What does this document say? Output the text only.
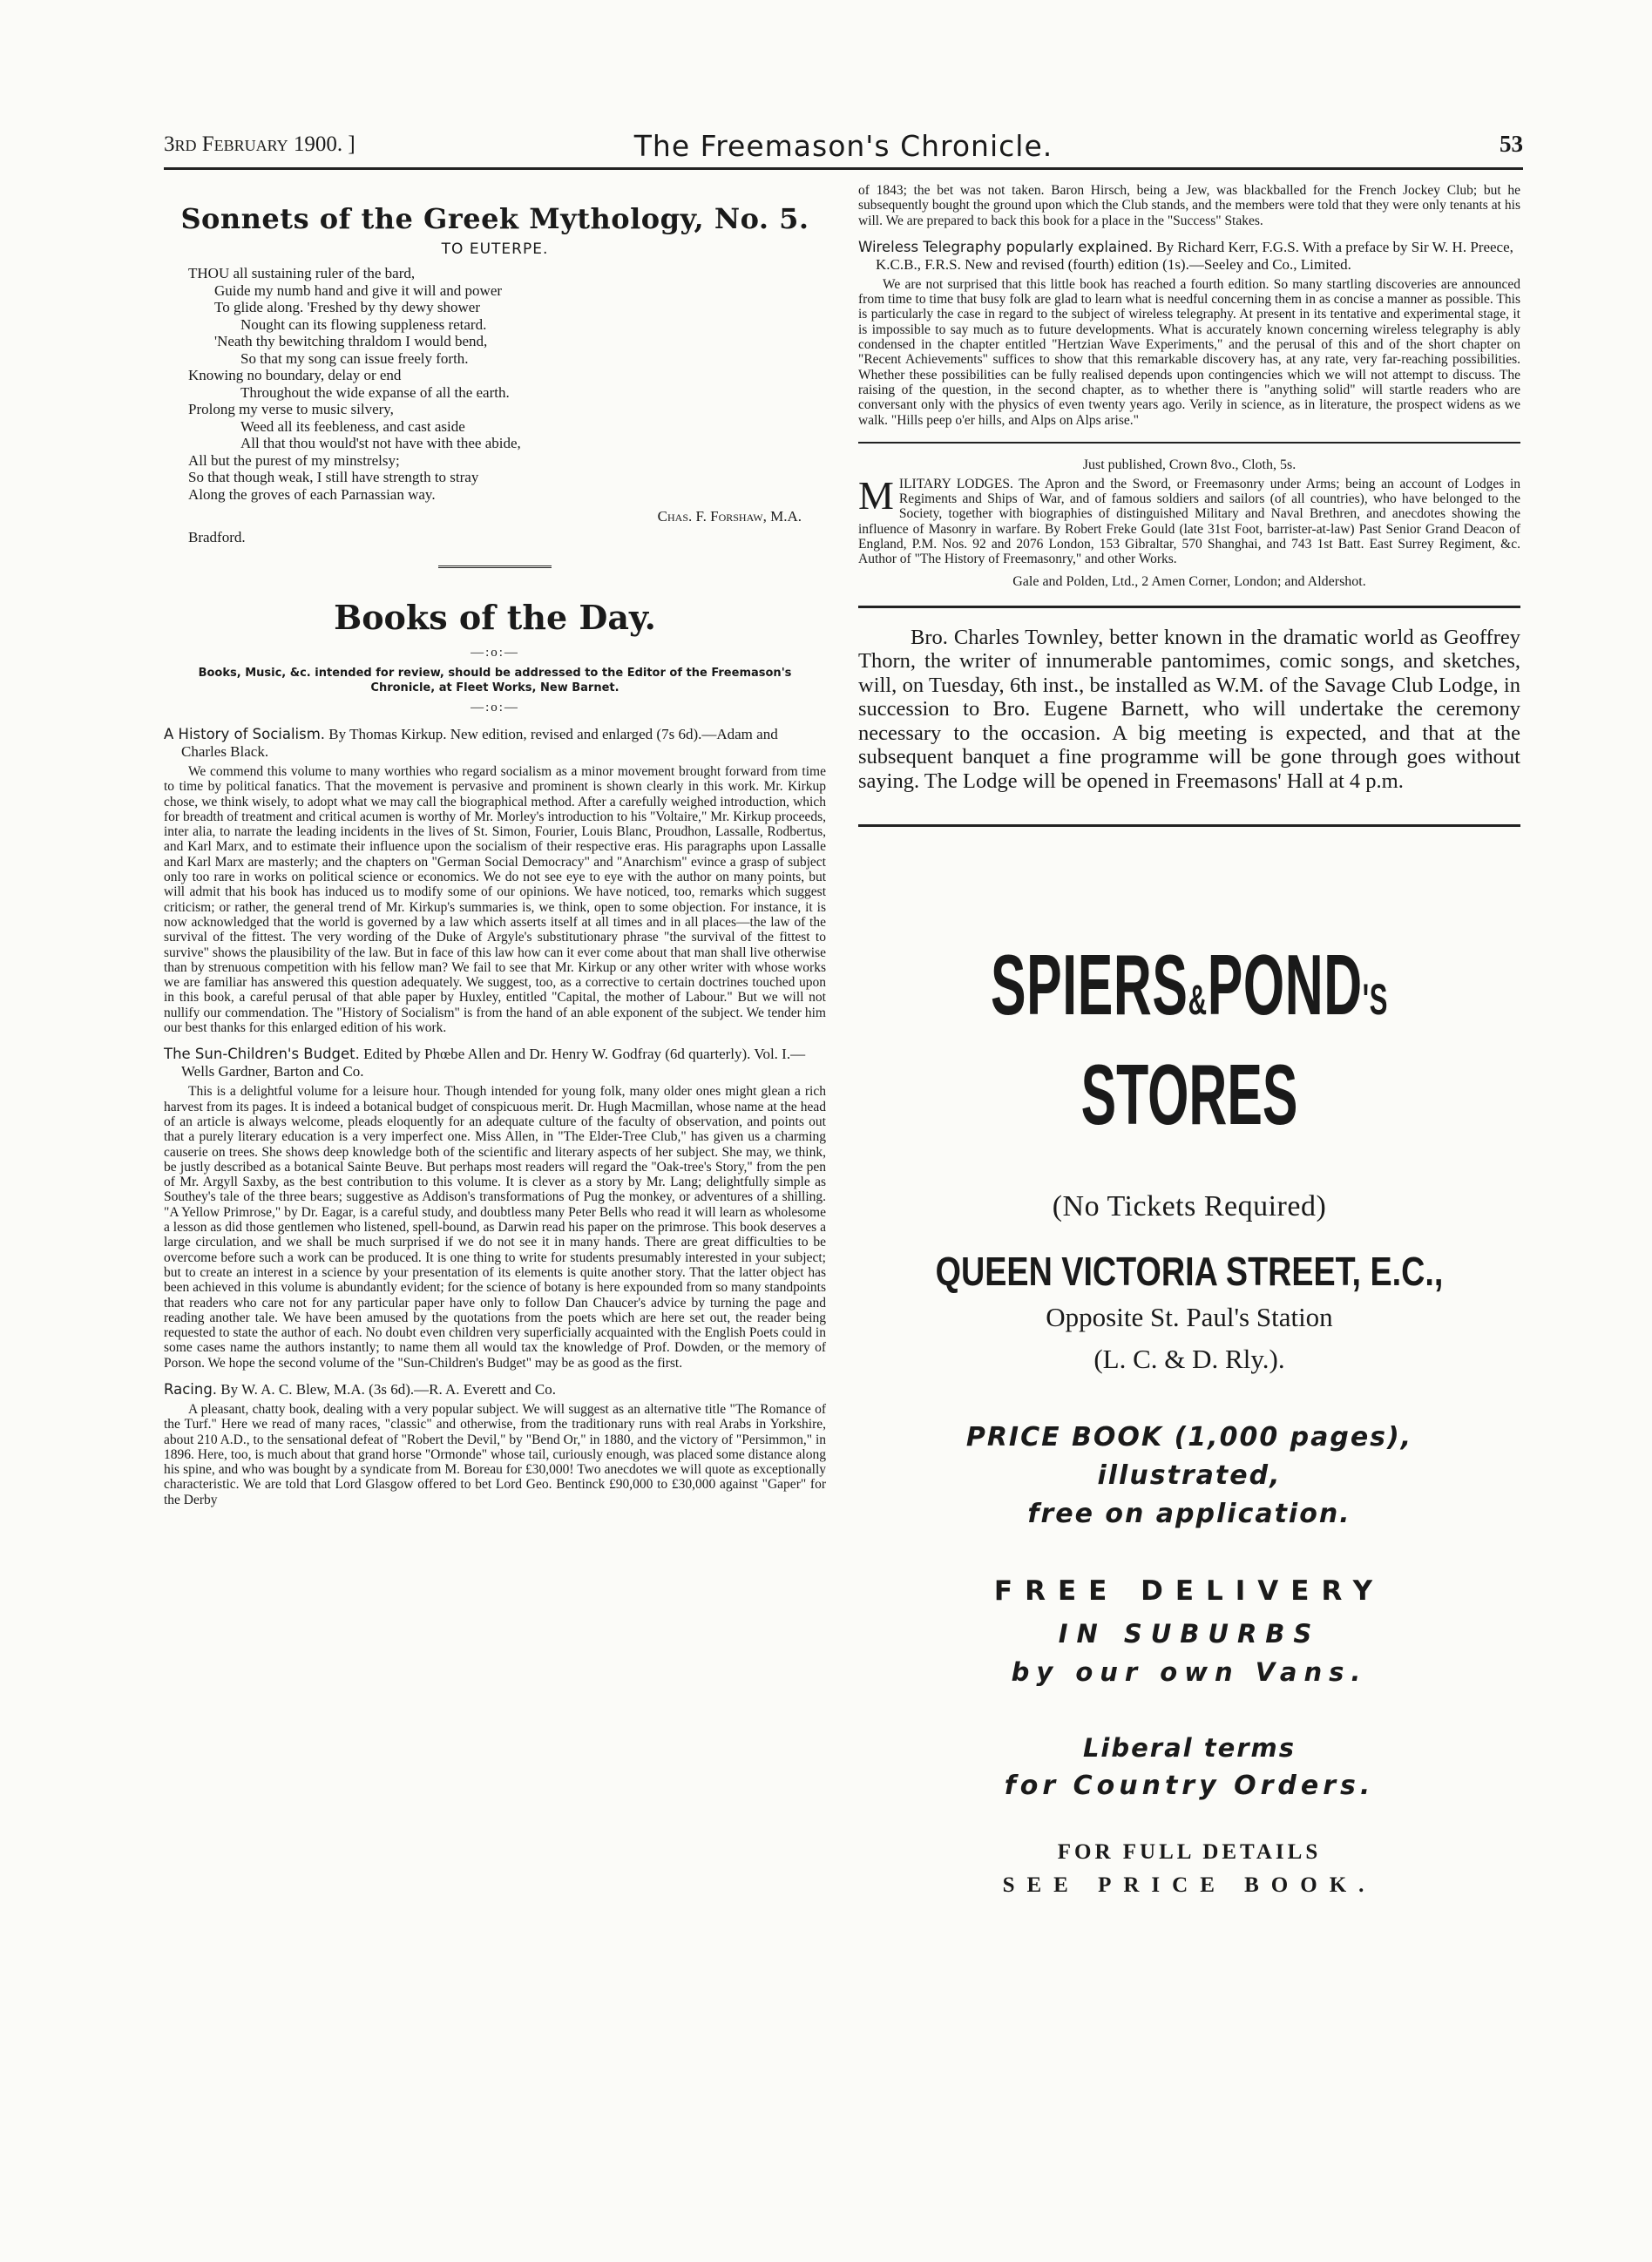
3rd February 1900. ]	The Freemason's Chronicle.	53
Sonnets of the Greek Mythology, No. 5.
TO EUTERPE.
THOU all sustaining ruler of the bard,
Guide my numb hand and give it will and power
To glide along. 'Freshed by thy dewy shower
Nought can its flowing suppleness retard.
'Neath thy bewitching thraldom I would bend,
So that my song can issue freely forth.
Knowing no boundary, delay or end
Throughout the wide expanse of all the earth.
Prolong my verse to music silvery,
Weed all its feebleness, and cast aside
All that thou would'st not have with thee abide,
All but the purest of my minstrelsy;
So that though weak, I still have strength to stray
Along the groves of each Parnassian way.
Chas. F. Forshaw, M.A.
Bradford.
Books of the Day.
—:o:—
Books, Music, &c. intended for review, should be addressed to the Editor of the Freemason's Chronicle, at Fleet Works, New Barnet.
—:o:—
A History of Socialism. By Thomas Kirkup. New edition, revised and enlarged (7s 6d).—Adam and Charles Black.

We commend this volume to many worthies who regard socialism as a minor movement brought forward from time to time by political fanatics. That the movement is pervasive and prominent is shown clearly in this work. Mr. Kirkup chose, we think wisely, to adopt what we may call the biographical method. After a carefully weighed introduction, which for breadth of treatment and critical acumen is worthy of Mr. Morley's introduction to his "Voltaire," Mr. Kirkup proceeds, inter alia, to narrate the leading incidents in the lives of St. Simon, Fourier, Louis Blanc, Proudhon, Lassalle, Rodbertus, and Karl Marx, and to estimate their influence upon the socialism of their respective eras. His paragraphs upon Lassalle and Karl Marx are masterly; and the chapters on "German Social Democracy" and "Anarchism" evince a grasp of subject only too rare in works on political science or economics. We do not see eye to eye with the author on many points, but will admit that his book has induced us to modify some of our opinions. We have noticed, too, remarks which suggest criticism; or rather, the general trend of Mr. Kirkup's summaries is, we think, open to some objection. For instance, it is now acknowledged that the world is governed by a law which asserts itself at all times and in all places—the law of the survival of the fittest. The very wording of the Duke of Argyle's substitutionary phrase "the survival of the fittest to survive" shows the plausibility of the law. But in face of this law how can it ever come about that man shall live otherwise than by strenuous competition with his fellow man? We fail to see that Mr. Kirkup or any other writer with whose works we are familiar has answered this question adequately. We suggest, too, as a corrective to certain doctrines touched upon in this book, a careful perusal of that able paper by Huxley, entitled "Capital, the mother of Labour." But we will not nullify our commendation. The "History of Socialism" is from the hand of an able exponent of the subject. We tender him our best thanks for this enlarged edition of his work.

The Sun-Children's Budget. Edited by Phœbe Allen and Dr. Henry W. Godfray (6d quarterly). Vol. I.—Wells Gardner, Barton and Co.

This is a delightful volume for a leisure hour. Though intended for young folk, many older ones might glean a rich harvest from its pages. It is indeed a botanical budget of conspicuous merit. Dr. Hugh Macmillan, whose name at the head of an article is always welcome, pleads eloquently for an adequate culture of the faculty of observation, and points out that a purely literary education is a very imperfect one. Miss Allen, in "The Elder-Tree Club," has given us a charming causerie on trees. She shows deep knowledge both of the scientific and literary aspects of her subject. She may, we think, be justly described as a botanical Sainte Beuve. But perhaps most readers will regard the "Oak-tree's Story," from the pen of Mr. Argyll Saxby, as the best contribution to this volume. It is clever as a story by Mr. Lang; delightfully simple as Southey's tale of the three bears; suggestive as Addison's transformations of Pug the monkey, or adventures of a shilling. "A Yellow Primrose," by Dr. Eagar, is a careful study, and doubtless many Peter Bells who read it will learn as wholesome a lesson as did those gentlemen who listened, spell-bound, as Darwin read his paper on the primrose. This book deserves a large circulation, and we shall be much surprised if we do not see it in many hands. There are great difficulties to be overcome before such a work can be produced. It is one thing to write for students presumably interested in your subject; but to create an interest in a science by your presentation of its elements is quite another story. That the latter object has been achieved in this volume is abundantly evident; for the science of botany is here expounded from so many standpoints that readers who care not for any particular paper have only to follow Dan Chaucer's advice by turning the page and reading another tale. We have been amused by the quotations from the poets which are here set out, the reader being requested to state the author of each. No doubt even children very superficially acquainted with the English Poets could in some cases name the authors instantly; to name them all would tax the knowledge of Prof. Dowden, or the memory of Porson. We hope the second volume of the "Sun-Children's Budget" may be as good as the first.

Racing. By W. A. C. Blew, M.A. (3s 6d).—R. A. Everett and Co.

A pleasant, chatty book, dealing with a very popular subject. We will suggest as an alternative title "The Romance of the Turf." Here we read of many races, "classic" and otherwise, from the traditionary runs with real Arabs in Yorkshire, about 210 A.D., to the sensational defeat of "Robert the Devil," by "Bend Or," in 1880, and the victory of "Persimmon," in 1896. Here, too, is much about that grand horse "Ormonde" whose tail, curiously enough, was placed some distance along his spine, and who was bought by a syndicate from M. Boreau for £30,000! Two anecdotes we will quote as exceptionally characteristic. We are told that Lord Glasgow offered to bet Lord Geo. Bentinck £90,000 to £30,000 against "Gaper" for the Derby

of 1843; the bet was not taken. Baron Hirsch, being a Jew, was blackballed for the French Jockey Club; but he subsequently bought the ground upon which the Club stands, and the members were told that they were only tenants at his will. We are prepared to back this book for a place in the "Success" Stakes.

Wireless Telegraphy popularly explained. By Richard Kerr, F.G.S. With a preface by Sir W. H. Preece, K.C.B., F.R.S. New and revised (fourth) edition (1s).—Seeley and Co., Limited.

We are not surprised that this little book has reached a fourth edition. So many startling discoveries are announced from time to time that busy folk are glad to learn what is needful concerning them in as concise a manner as possible. This is particularly the case in regard to the subject of wireless telegraphy. At present in its tentative and experimental stage, it is impossible to say much as to future developments. What is accurately known concerning wireless telegraphy is ably condensed in the chapter entitled "Hertzian Wave Experiments," and the perusal of this and of the short chapter on "Recent Achievements" suffices to show that this remarkable discovery has, at any rate, very far-reaching possibilities. Whether these possibilities can be fully realised depends upon contingencies which we will not attempt to discuss. The raising of the question, in the second chapter, as to whether there is "anything solid" will startle readers who are conversant only with the physics of even twenty years ago. Verily in science, as in literature, the prospect widens as we walk. "Hills peep o'er hills, and Alps on Alps arise."

Just published, Crown 8vo., Cloth, 5s.

MILITARY LODGES. The Apron and the Sword, or Freemasonry under Arms; being an account of Lodges in Regiments and Ships of War, and of famous soldiers and sailors (of all countries), who have belonged to the Society, together with biographies of distinguished Military and Naval Brethren, and anecdotes showing the influence of Masonry in warfare. By Robert Freke Gould (late 31st Foot, barrister-at-law) Past Senior Grand Deacon of England, P.M. Nos. 92 and 2076 London, 153 Gibraltar, 570 Shanghai, and 743 1st Batt. East Surrey Regiment, &c. Author of "The History of Freemasonry," and other Works.

Gale and Polden, Ltd., 2 Amen Corner, London; and Aldershot.

Bro. Charles Townley, better known in the dramatic world as Geoffrey Thorn, the writer of innumerable pantomimes, comic songs, and sketches, will, on Tuesday, 6th inst., be installed as W.M. of the Savage Club Lodge, in succession to Bro. Eugene Barnett, who will undertake the ceremony necessary to the occasion. A big meeting is expected, and that at the subsequent banquet a fine programme will be gone through goes without saying. The Lodge will be opened in Freemasons' Hall at 4 p.m.

SPIERS&POND'S
STORES
(No Tickets Required)
QUEEN VICTORIA STREET, E.C.,
Opposite St. Paul's Station
(L. C. & D. Rly.).
PRICE BOOK (1,000 pages),
illustrated,
free on application.
FREE DELIVERY
IN SUBURBS
by our own Vans.
Liberal terms
for Country Orders.
FOR FULL DETAILS
SEE PRICE BOOK.
